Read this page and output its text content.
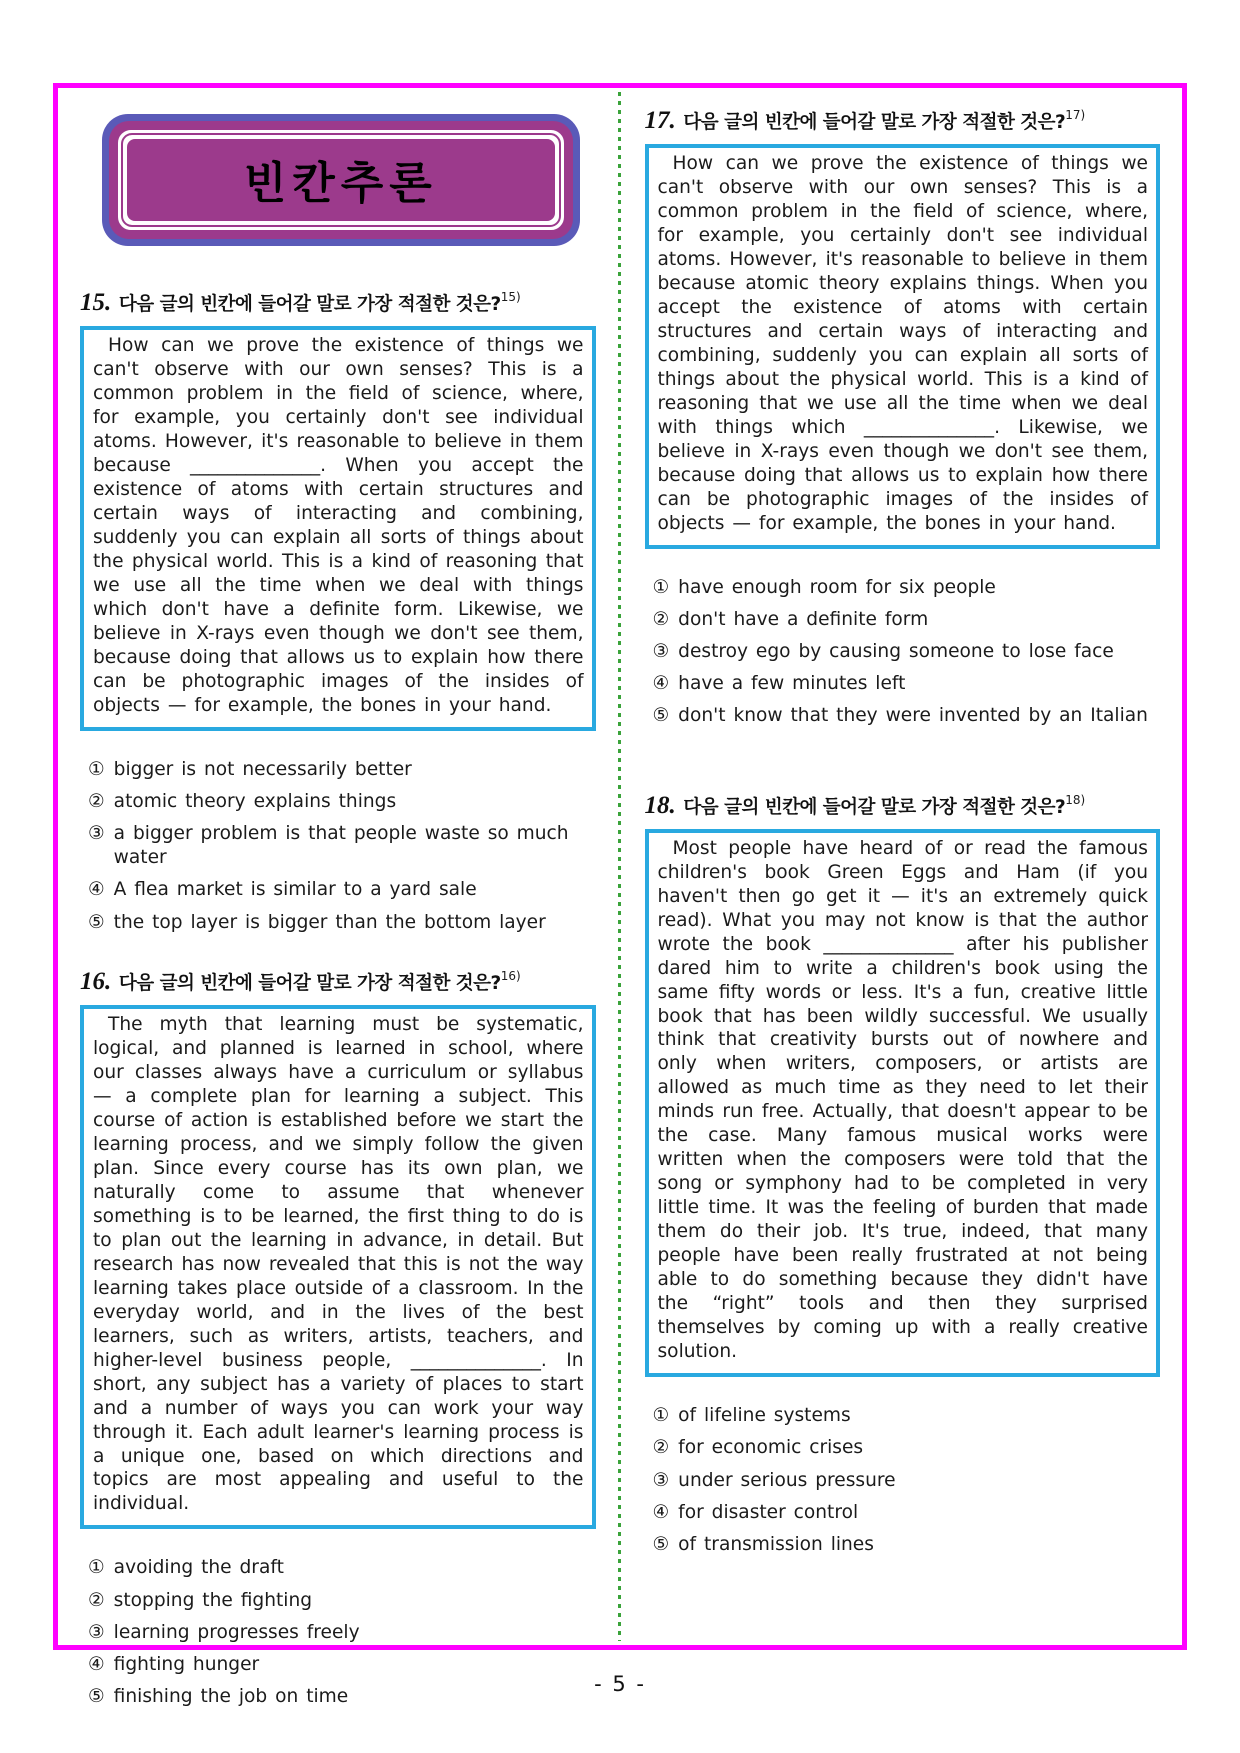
빈칸추론
15. 다음 글의 빈칸에 들어갈 말로 가장 적절한 것은?$^{15)}$

How can we prove the existence of things we can't observe with our own senses? This is a common problem in the field of science, where, for example, you certainly don't see individual atoms. However, it's reasonable to believe in them because ______________. When you accept the existence of atoms with certain structures and certain ways of interacting and combining, suddenly you can explain all sorts of things about the physical world. This is a kind of reasoning that we use all the time when we deal with things which don't have a definite form. Likewise, we believe in X-rays even though we don't see them, because doing that allows us to explain how there can be photographic images of the insides of objects — for example, the bones in your hand.

① bigger is not necessarily better
② atomic theory explains things
③ a bigger problem is that people waste so much water
④ A flea market is similar to a yard sale
⑤ the top layer is bigger than the bottom layer
16. 다음 글의 빈칸에 들어갈 말로 가장 적절한 것은?$^{16)}$

The myth that learning must be systematic, logical, and planned is learned in school, where our classes always have a curriculum or syllabus — a complete plan for learning a subject. This course of action is established before we start the learning process, and we simply follow the given plan. Since every course has its own plan, we naturally come to assume that whenever something is to be learned, the first thing to do is to plan out the learning in advance, in detail. But research has now revealed that this is not the way learning takes place outside of a classroom. In the everyday world, and in the lives of the best learners, such as writers, artists, teachers, and higher-level business people, ______________. In short, any subject has a variety of places to start and a number of ways you can work your way through it. Each adult learner's learning process is a unique one, based on which directions and topics are most appealing and useful to the individual.

① avoiding the draft
② stopping the fighting
③ learning progresses freely
④ fighting hunger
⑤ finishing the job on time
17. 다음 글의 빈칸에 들어갈 말로 가장 적절한 것은?$^{17)}$

How can we prove the existence of things we can't observe with our own senses? This is a common problem in the field of science, where, for example, you certainly don't see individual atoms. However, it's reasonable to believe in them because atomic theory explains things. When you accept the existence of atoms with certain structures and certain ways of interacting and combining, suddenly you can explain all sorts of things about the physical world. This is a kind of reasoning that we use all the time when we deal with things which ______________. Likewise, we believe in X-rays even though we don't see them, because doing that allows us to explain how there can be photographic images of the insides of objects — for example, the bones in your hand.

① have enough room for six people
② don't have a definite form
③ destroy ego by causing someone to lose face
④ have a few minutes left
⑤ don't know that they were invented by an Italian
18. 다음 글의 빈칸에 들어갈 말로 가장 적절한 것은?$^{18)}$

Most people have heard of or read the famous children's book Green Eggs and Ham (if you haven't then go get it — it's an extremely quick read). What you may not know is that the author wrote the book ______________ after his publisher dared him to write a children's book using the same fifty words or less. It's a fun, creative little book that has been wildly successful. We usually think that creativity bursts out of nowhere and only when writers, composers, or artists are allowed as much time as they need to let their minds run free. Actually, that doesn't appear to be the case. Many famous musical works were written when the composers were told that the song or symphony had to be completed in very little time. It was the feeling of burden that made them do their job. It's true, indeed, that many people have been really frustrated at not being able to do something because they didn't have the “right” tools and then they surprised themselves by coming up with a really creative solution.

① of lifeline systems
② for economic crises
③ under serious pressure
④ for disaster control
⑤ of transmission lines
- 5 -
